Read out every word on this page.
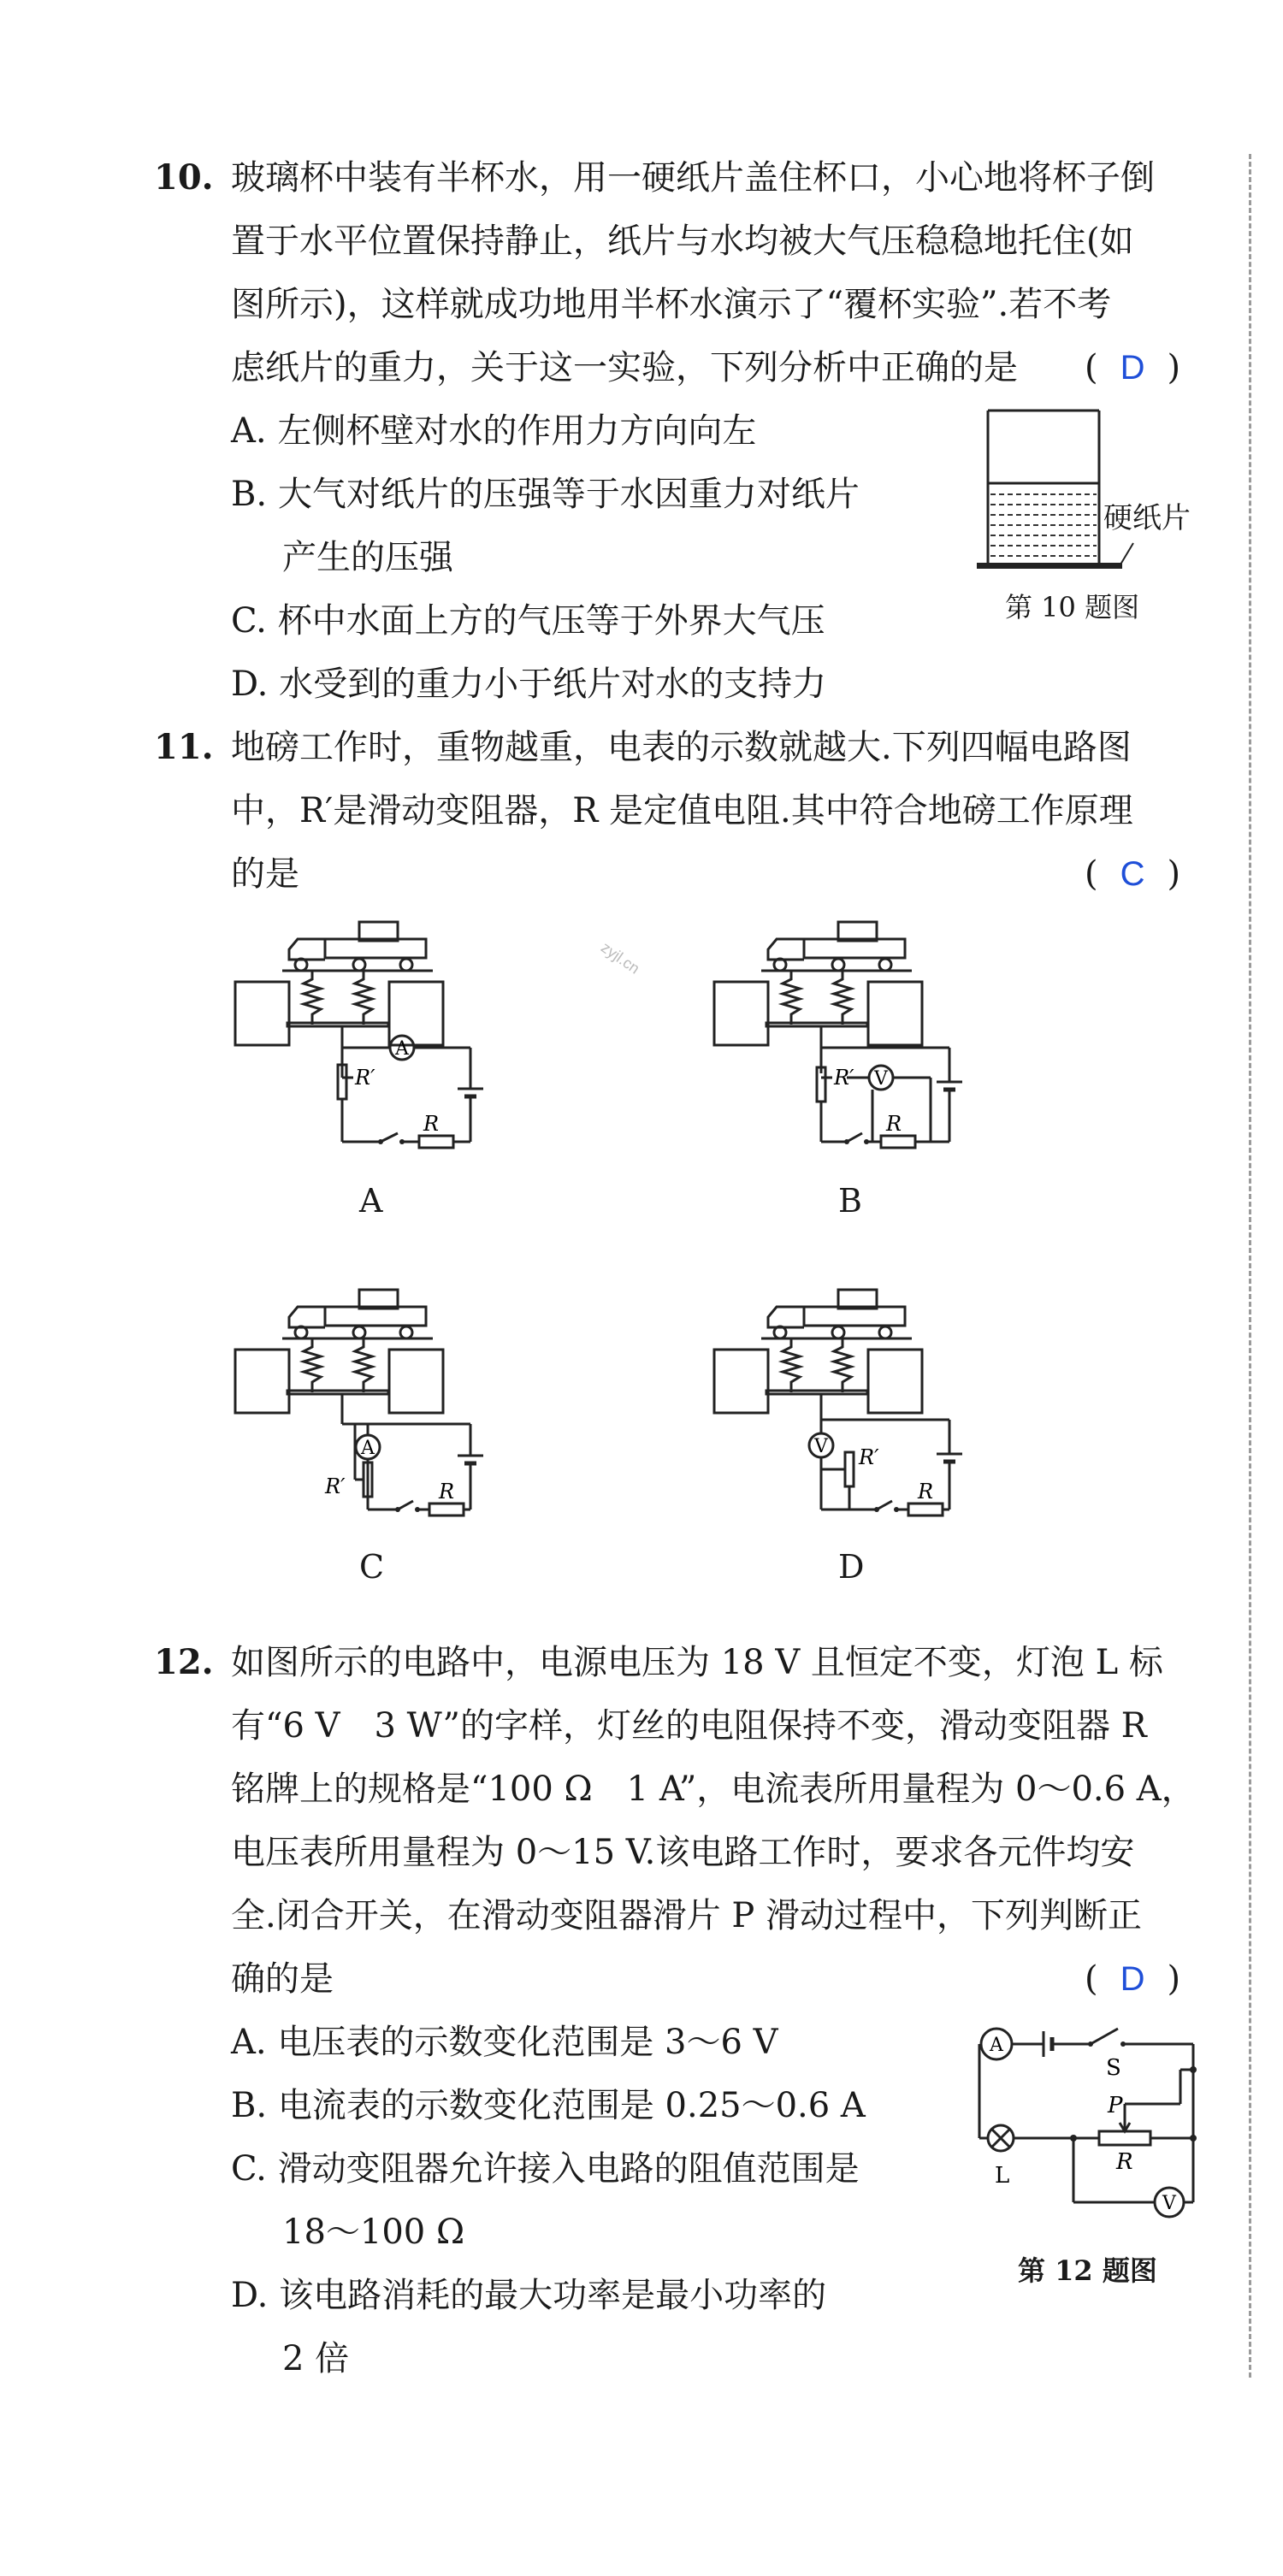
10. 玻璃杯中装有半杯水，用一硬纸片盖住杯口，小心地将杯子倒
置于水平位置保持静止，纸片与水均被大气压稳稳地托住(如
图所示)，这样就成功地用半杯水演示了“覆杯实验”.若不考
虑纸片的重力，关于这一实验，下列分析中正确的是	( D )
A. 左侧杯壁对水的作用力方向向左
B. 大气对纸片的压强等于水因重力对纸片
产生的压强
C. 杯中水面上方的气压等于外界大气压
D. 水受到的重力小于纸片对水的支持力
硬纸片
第 10 题图
11. 地磅工作时，重物越重，电表的示数就越大.下列四幅电路图
中，R′是滑动变阻器，R 是定值电阻.其中符合地磅工作原理
的是	( C )
zyjl.cn
A
R′
R
A
V
R′
R
B
A
R′	R
C
V R′
R
D
12. 如图所示的电路中，电源电压为 18 V 且恒定不变，灯泡 L 标
有“6 V　3 W”的字样，灯丝的电阻保持不变，滑动变阻器 R
铭牌上的规格是“100 Ω　1 A”，电流表所用量程为 0～0.6 A，
电压表所用量程为 0～15 V.该电路工作时，要求各元件均安
全.闭合开关，在滑动变阻器滑片 P 滑动过程中，下列判断正
确的是	( D )
A. 电压表的示数变化范围是 3～6 V
B. 电流表的示数变化范围是 0.25～0.6 A
C. 滑动变阻器允许接入电路的阻值范围是
18～100 Ω
D. 该电路消耗的最大功率是最小功率的
2 倍
A
S
P
R
L
V
第 12 题图
